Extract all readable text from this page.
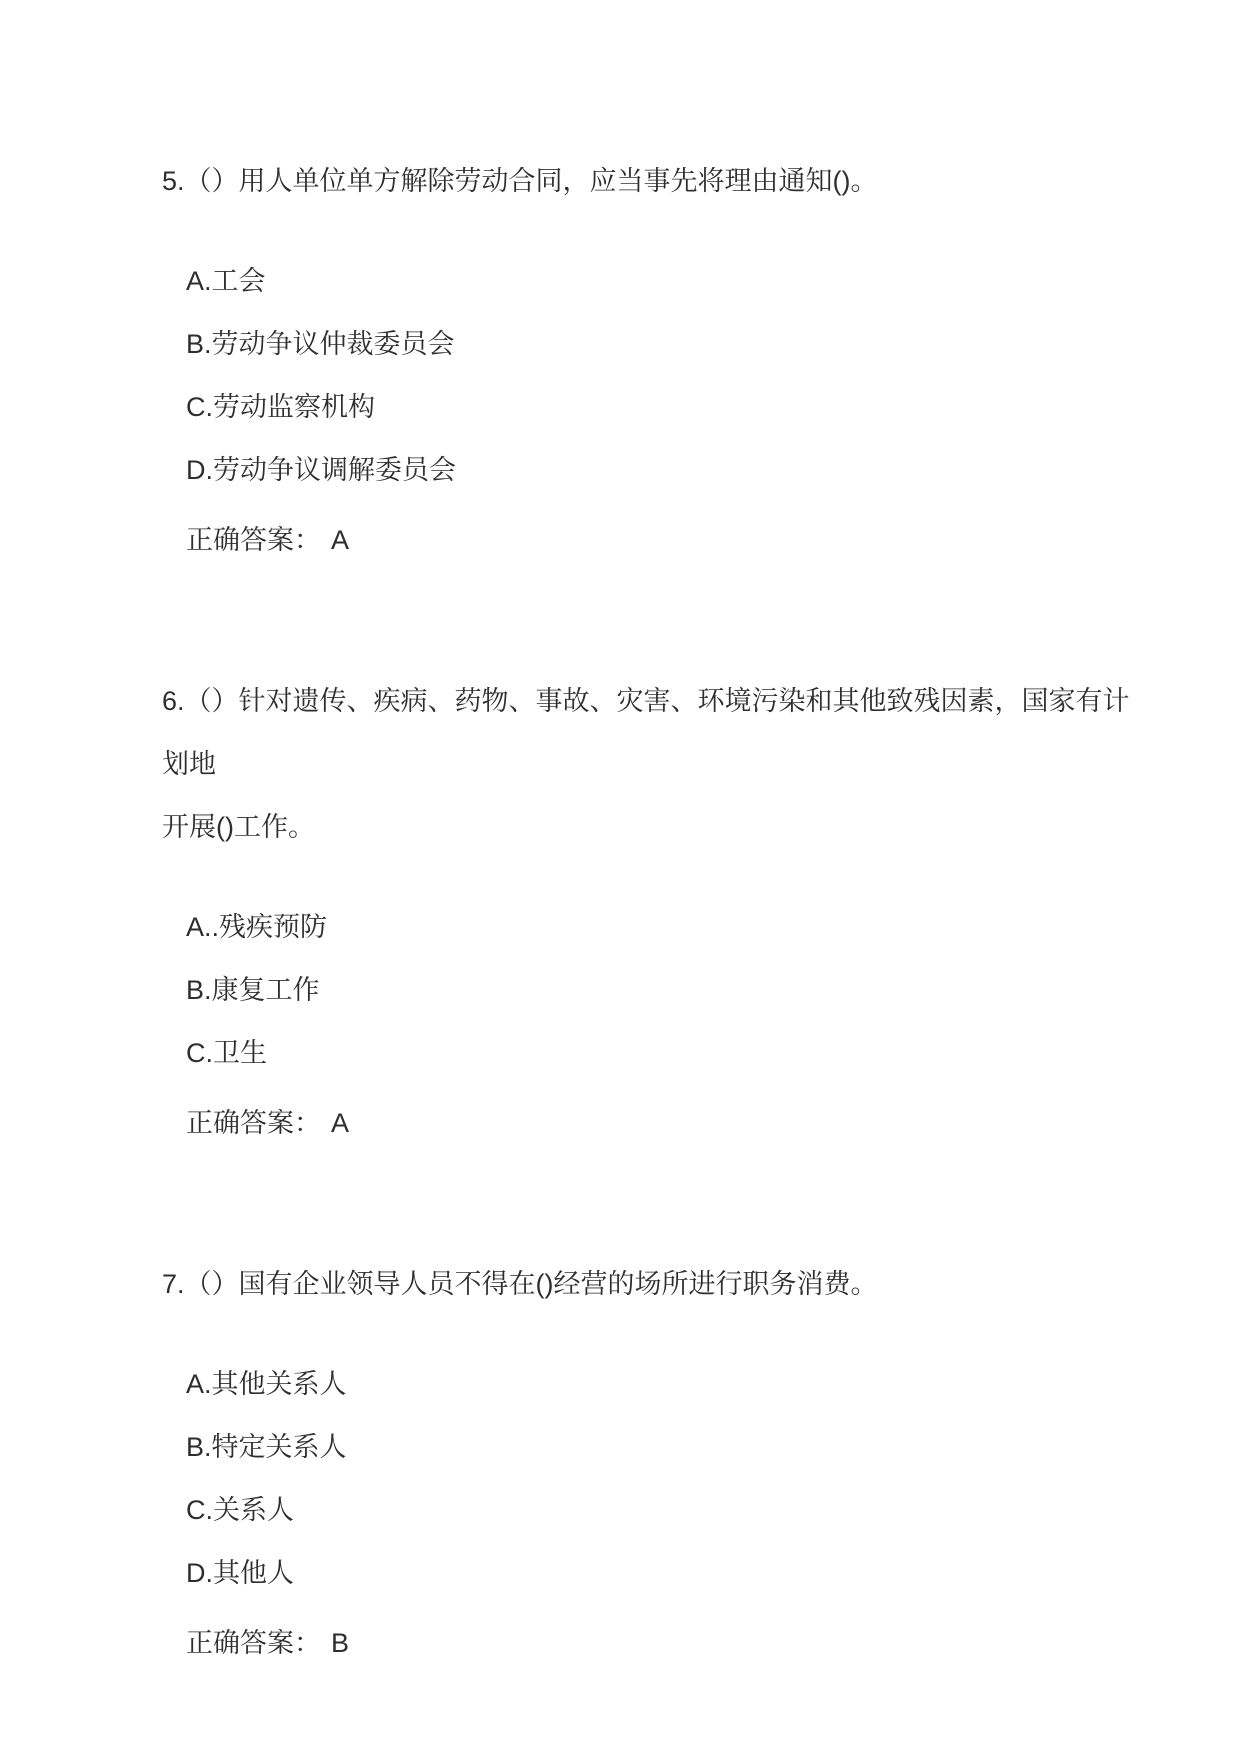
5.（）用人单位单方解除劳动合同，应当事先将理由通知()。

A.工会

B.劳动争议仲裁委员会

C.劳动监察机构

D.劳动争议调解委员会

正确答案： A

6.（）针对遗传、疾病、药物、事故、灾害、环境污染和其他致残因素，国家有计划地

开展()工作。

A..残疾预防

B.康复工作

C.卫生

正确答案： A

7.（）国有企业领导人员不得在()经营的场所进行职务消费。

A.其他关系人

B.特定关系人

C.关系人

D.其他人

正确答案： B
